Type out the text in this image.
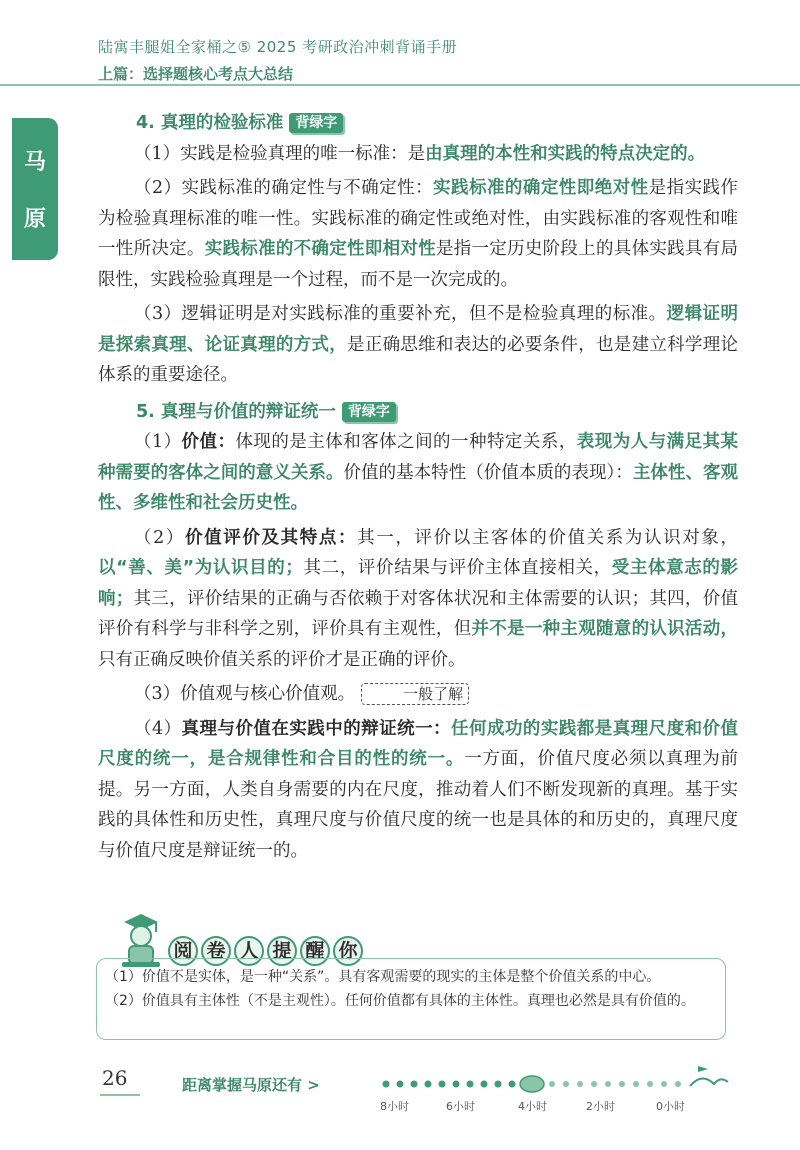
陆寓丰腿姐全家桶之⑤ 2025 考研政治冲刺背诵手册
上篇：选择题核心考点大总结
马
原
4. 真理的检验标准 背绿字

（1）实践是检验真理的唯一标准：是由真理的本性和实践的特点决定的。

（2）实践标准的确定性与不确定性：实践标准的确定性即绝对性是指实践作为检验真理标准的唯一性。实践标准的确定性或绝对性，由实践标准的客观性和唯一性所决定。实践标准的不确定性即相对性是指一定历史阶段上的具体实践具有局限性，实践检验真理是一个过程，而不是一次完成的。

（3）逻辑证明是对实践标准的重要补充，但不是检验真理的标准。逻辑证明是探索真理、论证真理的方式，是正确思维和表达的必要条件，也是建立科学理论体系的重要途径。

5. 真理与价值的辩证统一 背绿字

（1）价值：体现的是主体和客体之间的一种特定关系，表现为人与满足其某种需要的客体之间的意义关系。价值的基本特性（价值本质的表现）：主体性、客观性、多维性和社会历史性。

（2）价值评价及其特点：其一，评价以主客体的价值关系为认识对象，以“善、美”为认识目的；其二，评价结果与评价主体直接相关，受主体意志的影响；其三，评价结果的正确与否依赖于对客体状况和主体需要的认识；其四，价值评价有科学与非科学之别，评价具有主观性，但并不是一种主观随意的认识活动，只有正确反映价值关系的评价才是正确的评价。

（3）价值观与核心价值观。	一般了解

（4）真理与价值在实践中的辩证统一：任何成功的实践都是真理尺度和价值尺度的统一，是合规律性和合目的性的统一。一方面，价值尺度必须以真理为前提。另一方面，人类自身需要的内在尺度，推动着人们不断发现新的真理。基于实践的具体性和历史性，真理尺度与价值尺度的统一也是具体的和历史的，真理尺度与价值尺度是辩证统一的。

阅 卷 人 提 醒 你
（1）价值不是实体，是一种“关系”。具有客观需要的现实的主体是整个价值关系的中心。
（2）价值具有主体性（不是主观性）。任何价值都有具体的主体性。真理也必然是具有价值的。
26	距离掌握马原还有 >
8小时	6小时	4小时	2小时	0小时
